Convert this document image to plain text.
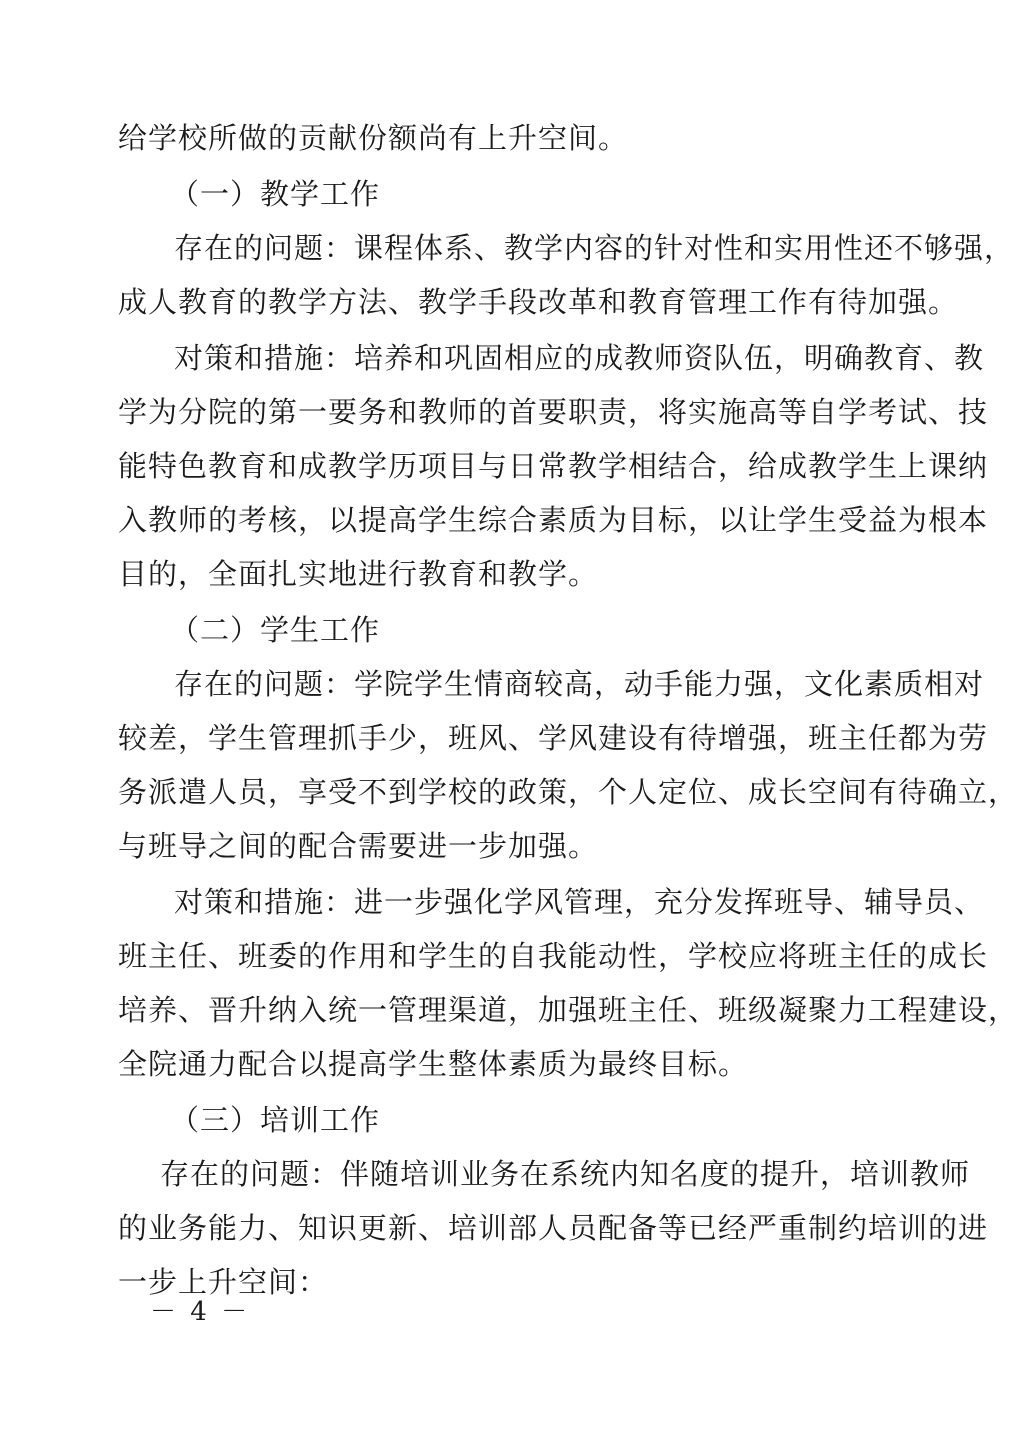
给学校所做的贡献份额尚有上升空间。
（一）教学工作
存在的问题：课程体系、教学内容的针对性和实用性还不够强，
成人教育的教学方法、教学手段改革和教育管理工作有待加强。
对策和措施：培养和巩固相应的成教师资队伍，明确教育、教
学为分院的第一要务和教师的首要职责，将实施高等自学考试、技
能特色教育和成教学历项目与日常教学相结合，给成教学生上课纳
入教师的考核，以提高学生综合素质为目标，以让学生受益为根本
目的，全面扎实地进行教育和教学。
（二）学生工作
存在的问题：学院学生情商较高，动手能力强，文化素质相对
较差，学生管理抓手少，班风、学风建设有待增强，班主任都为劳
务派遣人员，享受不到学校的政策，个人定位、成长空间有待确立，
与班导之间的配合需要进一步加强。
对策和措施：进一步强化学风管理，充分发挥班导、辅导员、
班主任、班委的作用和学生的自我能动性，学校应将班主任的成长
培养、晋升纳入统一管理渠道，加强班主任、班级凝聚力工程建设，
全院通力配合以提高学生整体素质为最终目标。
（三）培训工作
存在的问题：伴随培训业务在系统内知名度的提升，培训教师
的业务能力、知识更新、培训部人员配备等已经严重制约培训的进
一步上升空间：
－ 4 －
